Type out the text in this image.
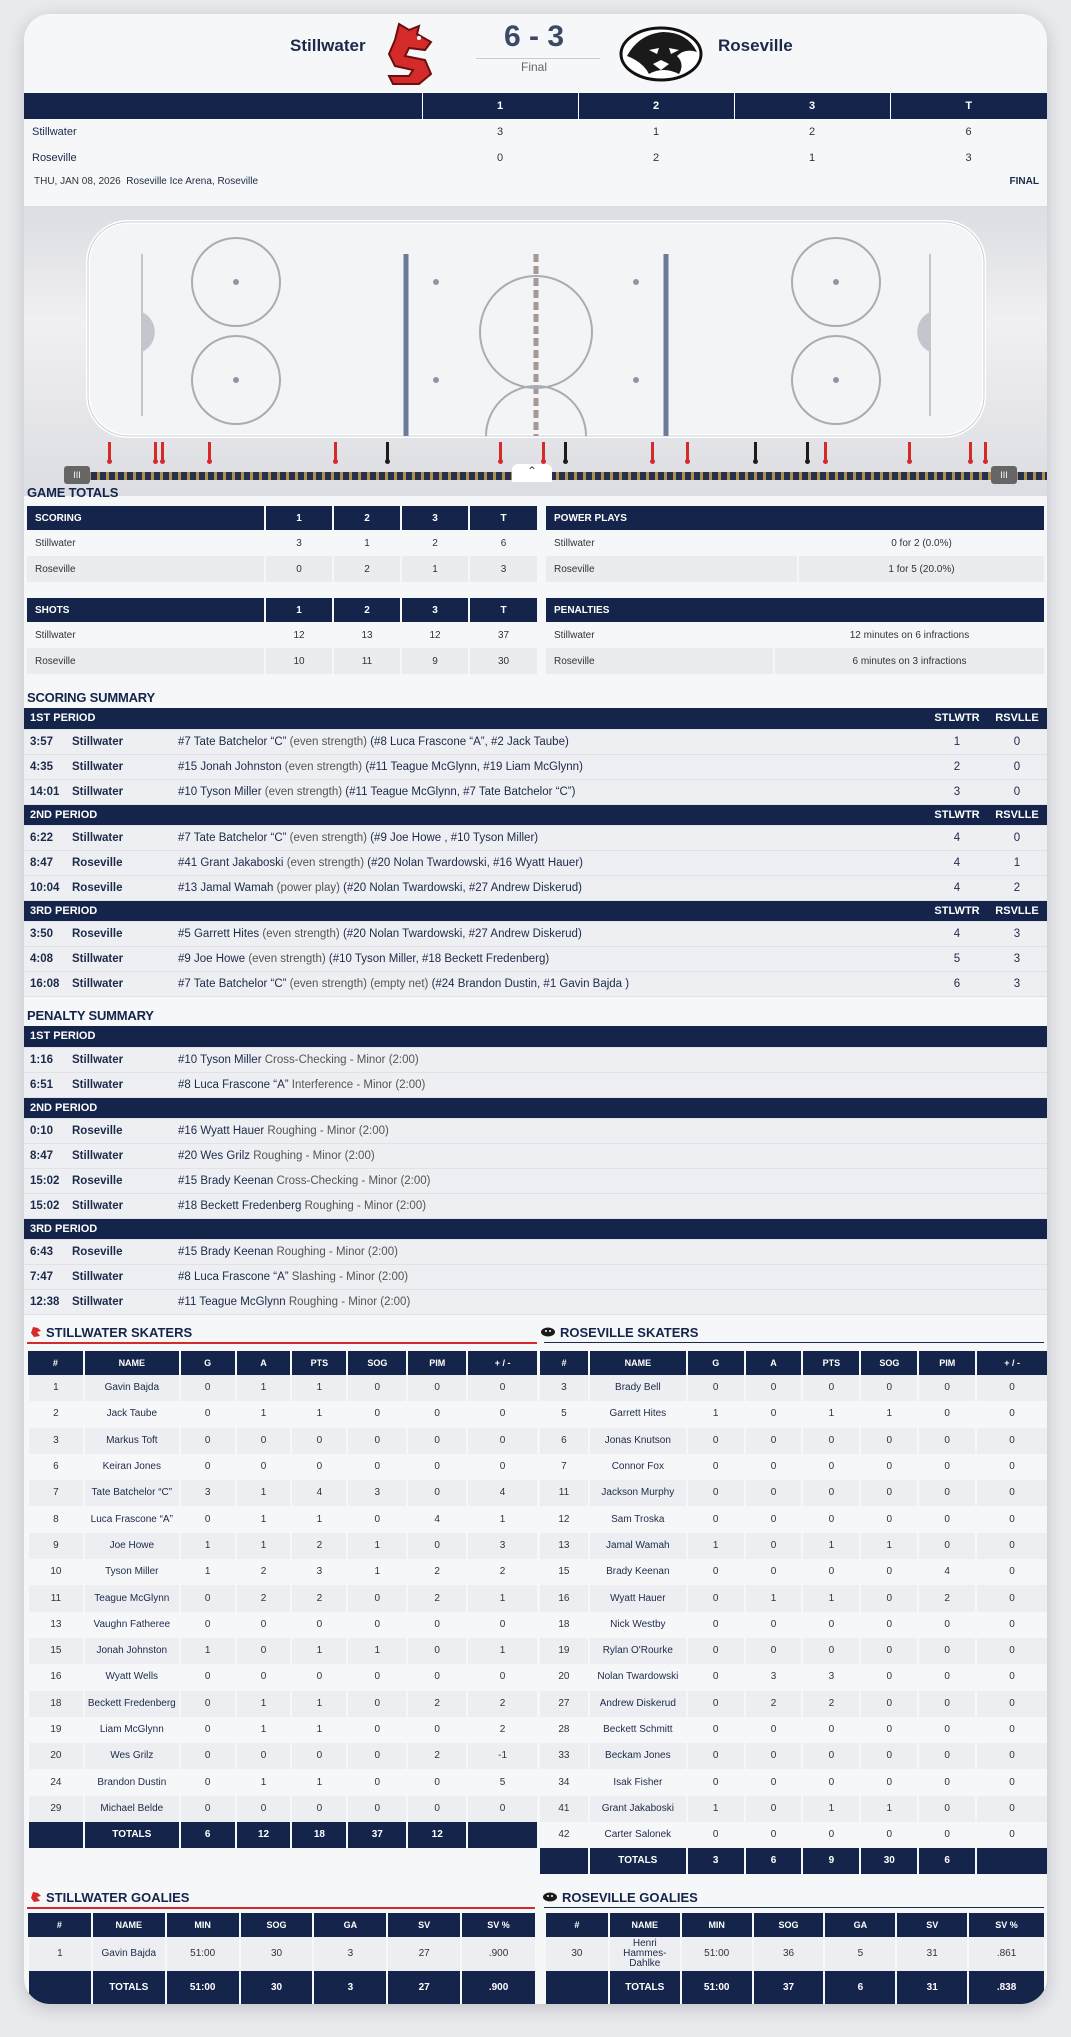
Stillwater	6 - 3
Final
Roseville
	1	2	3	T
Stillwater	3	1	2	6
Roseville	0	2	1	3
THU, JAN 08, 2026 Roseville Ice Arena, Roseville	FINAL
III	III
⌃
GAME TOTALS
SCORING	1	2	3	T
Stillwater	3	1	2	6
Roseville	0	2	1	3
POWER PLAYS	
Stillwater	0 for 2 (0.0%)
Roseville	1 for 5 (20.0%)
SHOTS	1	2	3	T
Stillwater	12	13	12	37
Roseville	10	11	9	30
PENALTIES	
Stillwater	12 minutes on 6 infractions
Roseville	6 minutes on 3 infractions
SCORING SUMMARY
1ST PERIOD			STLWTR	RSVLLE
3:57	Stillwater	#7 Tate Batchelor “C” (even strength) (#8 Luca Frascone “A”, #2 Jack Taube)	1	0
4:35	Stillwater	#15 Jonah Johnston (even strength) (#11 Teague McGlynn, #19 Liam McGlynn)	2	0
14:01	Stillwater	#10 Tyson Miller (even strength) (#11 Teague McGlynn, #7 Tate Batchelor “C”)	3	0
2ND PERIOD			STLWTR	RSVLLE
6:22	Stillwater	#7 Tate Batchelor “C” (even strength) (#9 Joe Howe , #10 Tyson Miller)	4	0
8:47	Roseville	#41 Grant Jakaboski (even strength) (#20 Nolan Twardowski, #16 Wyatt Hauer)	4	1
10:04	Roseville	#13 Jamal Wamah (power play) (#20 Nolan Twardowski, #27 Andrew Diskerud)	4	2
3RD PERIOD			STLWTR	RSVLLE
3:50	Roseville	#5 Garrett Hites (even strength) (#20 Nolan Twardowski, #27 Andrew Diskerud)	4	3
4:08	Stillwater	#9 Joe Howe (even strength) (#10 Tyson Miller, #18 Beckett Fredenberg)	5	3
16:08	Stillwater	#7 Tate Batchelor “C” (even strength) (empty net) (#24 Brandon Dustin, #1 Gavin Bajda )	6	3
PENALTY SUMMARY
1ST PERIOD		
1:16	Stillwater	#10 Tyson Miller Cross-Checking - Minor (2:00)
6:51	Stillwater	#8 Luca Frascone “A” Interference - Minor (2:00)
2ND PERIOD		
0:10	Roseville	#16 Wyatt Hauer Roughing - Minor (2:00)
8:47	Stillwater	#20 Wes Grilz Roughing - Minor (2:00)
15:02	Roseville	#15 Brady Keenan Cross-Checking - Minor (2:00)
15:02	Stillwater	#18 Beckett Fredenberg Roughing - Minor (2:00)
3RD PERIOD		
6:43	Roseville	#15 Brady Keenan Roughing - Minor (2:00)
7:47	Stillwater	#8 Luca Frascone “A” Slashing - Minor (2:00)
12:38	Stillwater	#11 Teague McGlynn Roughing - Minor (2:00)
STILLWATER SKATERS	ROSEVILLE SKATERS
#	NAME	G	A	PTS	SOG	PIM	+ / -
1	Gavin Bajda	0	1	1	0	0	0
2	Jack Taube	0	1	1	0	0	0
3	Markus Toft	0	0	0	0	0	0
6	Keiran Jones	0	0	0	0	0	0
7	Tate Batchelor “C”	3	1	4	3	0	4
8	Luca Frascone “A”	0	1	1	0	4	1
9	Joe Howe	1	1	2	1	0	3
10	Tyson Miller	1	2	3	1	2	2
11	Teague McGlynn	0	2	2	0	2	1
13	Vaughn Fatheree	0	0	0	0	0	0
15	Jonah Johnston	1	0	1	1	0	1
16	Wyatt Wells	0	0	0	0	0	0
18	Beckett Fredenberg	0	1	1	0	2	2
19	Liam McGlynn	0	1	1	0	0	2
20	Wes Grilz	0	0	0	0	2	-1
24	Brandon Dustin	0	1	1	0	0	5
29	Michael Belde	0	0	0	0	0	0
	TOTALS	6	12	18	37	12	
#	NAME	G	A	PTS	SOG	PIM	+ / -
3	Brady Bell	0	0	0	0	0	0
5	Garrett Hites	1	0	1	1	0	0
6	Jonas Knutson	0	0	0	0	0	0
7	Connor Fox	0	0	0	0	0	0
11	Jackson Murphy	0	0	0	0	0	0
12	Sam Troska	0	0	0	0	0	0
13	Jamal Wamah	1	0	1	1	0	0
15	Brady Keenan	0	0	0	0	4	0
16	Wyatt Hauer	0	1	1	0	2	0
18	Nick Westby	0	0	0	0	0	0
19	Rylan O'Rourke	0	0	0	0	0	0
20	Nolan Twardowski	0	3	3	0	0	0
27	Andrew Diskerud	0	2	2	0	0	0
28	Beckett Schmitt	0	0	0	0	0	0
33	Beckam Jones	0	0	0	0	0	0
34	Isak Fisher	0	0	0	0	0	0
41	Grant Jakaboski	1	0	1	1	0	0
42	Carter Salonek	0	0	0	0	0	0
	TOTALS	3	6	9	30	6	
STILLWATER GOALIES	ROSEVILLE GOALIES
#	NAME	MIN	SOG	GA	SV	SV %
1	Gavin Bajda	51:00	30	3	27	.900
	TOTALS	51:00	30	3	27	.900
#	NAME	MIN	SOG	GA	SV	SV %
30	Henri Hammes-Dahlke	51:00	36	5	31	.861
	TOTALS	51:00	37	6	31	.838
